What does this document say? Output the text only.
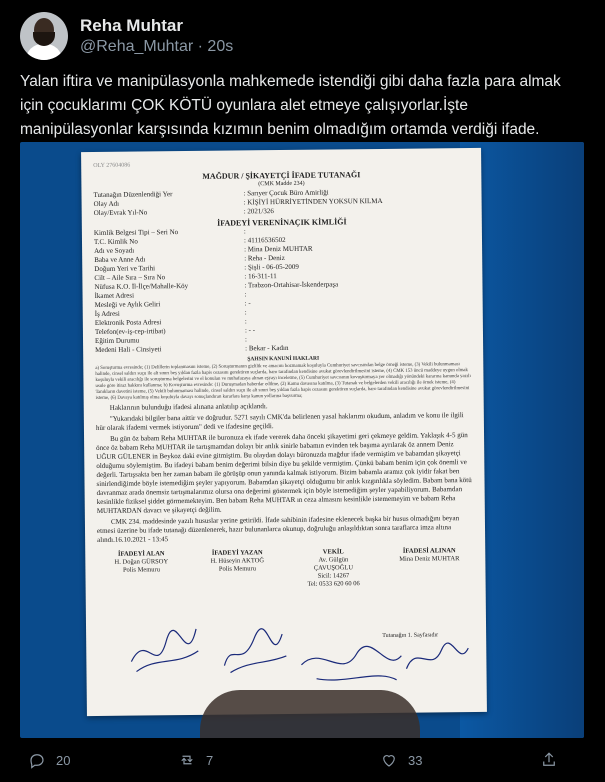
Reha Muhtar
@Reha_Muhtar · 20s
Yalan iftira ve manipülasyonla mahkemede istendiği gibi daha fazla para almak için çocuklarımı ÇOK KÖTÜ oyunlara alet etmeye çalışıyorlar.İşte manipülasyonlar karşısında kızımın benim olmadığım ortamda verdiği ifade.
OLY 27604086
MAĞDUR / ŞİKAYETÇİ İFADE TUTANAĞI
(CMK Madde 234)
Tutanağın Düzenlendiği Yer	: Sarıyer Çocuk Büro Amirliği
Olay Adı	: KİŞİYİ HÜRRİYETİNDEN YOKSUN KILMA
Olay/Evrak Yıl-No	: 2021/326
İFADEYİ VERENİNAÇIK KİMLİĞİ
Kimlik Belgesi Tipi – Seri No	:
T.C. Kimlik No	: 41116536502
Adı ve Soyadı	: Mina Deniz MUHTAR
Baba ve Anne Adı	: Reha - Deniz
Doğum Yeri ve Tarihi	: Şişli - 06-05-2009
Cilt – Aile Sıra – Sıra No	: 16-311-11
Nüfusa K.O. İl-İlçe/Mahalle-Köy	: Trabzon-Ortahisar-İskenderpaşa
İkamet Adresi	:
Mesleği ve Aylık Geliri	: -
İş Adresi	:
Elektronik Posta Adresi	:
Telefon(ev-iş-cep-irtibat)	: - -
Eğitim Durumu	:
Medeni Hali - Cinsiyeti	: Bekar - Kadın
ŞAHSIN KANUNİ HAKLARI
a) Soruşturma evresinde; (1) Delillerin toplanmasını isteme, (2) Soruşturmanın gizlilik ve amacını bozmamak koşuluyla Cumhuriyet savcısından belge örneği isteme, (3) Vekili bulunmaması halinde, cinsel saldırı suçu ile alt sınırı beş yıldan fazla hapis cezasını gerektiren suçlarda, baro tarafından kendisine avukat görevlendirilmesini isteme, (4) CMK 153 üncü maddeye uygun olmak koşuluyla vekili aracılığı ile soruşturma belgelerini ve el konulan ve muhafazaya alınan eşyayı inceletme, (5) Cumhuriyet savcısının kovuşturmaya yer olmadığı yönündeki kararına kanunda yazılı usule göre itiraz hakkını kullanma; b) Kovuşturma evresinde: (1) Duruşmadan haberdar edilme, (2) Kamu davasına katılma, (3) Tutanak ve belgelerden vekili aracılığı ile örnek isteme, (4) Tanıkların davetini isteme, (5) Vekili bulunmaması halinde, cinsel saldırı suçu ile alt sınırı beş yıldan fazla hapis cezasını gerektiren suçlarda, baro tarafından kendisine avukat görevlendirilmesini isteme, (6) Davaya katılmış olma koşuluyla davayı sonuçlandıran kararlara karşı kanun yollarına başvurma;
Haklarının bulunduğu ifadesi alınana anlatılıp açıklandı.
"Yukarıdaki bilgiler bana aittir ve doğrudur. 5271 sayılı CMK'da belirlenen yasal haklarımı okudum, anladım ve konu ile ilgili hür olarak ifademi vermek istiyorum" dedi ve ifadesine geçildi.
Bu gün öz babam Reha MUHTAR ile buronuza ek ifade vererek daha önceki şikayetimi geri çekmeye geldim. Yaklaşık 4-5 gün önce öz babam Reha MUHTAR ile tartışmamdan dolayı bir anlık sinirle babamın evinden tek başıma ayrılarak öz annem Deniz UĞUR GÜLENER in Beykoz daki evine gitmiştim. Bu olaydan dolayı büronuzda mağdur ifade vermiştim ve babamdan şikayetçi olduğumu söylemiştim. Bu ifadeyi babam benim değerimi bilsin diye bu şekilde vermiştim. Çünkü babam benim için çok önemli ve değerli. Tartışsakta ben her zaman babam ile görüşüp onun yanında kalmak istiyorum. Bizim babamla aramız çok iyidir fakat ben sinirlendiğimde böyle istemediğim şeyler yapıyorum. Babamdan şikayetçi olduğumu bir anlık kızgınlıkla söyledim. Babam bana kötü davranmaz arada önemsiz tartışmalarımız olursa ona değerimi göstermek için böyle istemediğim şeyler yapabiliyorum. Babamdan kesinlikle fiziksel şiddet görmemekteyim. Ben babam Reha MUHTAR ın ceza almasını kesinlikle istememeyim ve babam Reha MUHTARDAN davacı ve şikayetçi değilim.
CMK 234. maddesinde yazılı hususlar yerine getirildi. İfade sahibinin ifadesine eklenecek başka bir husus olmadığını beyan etmesi üzerine bu ifade tutanağı düzenlenerek, hazır bulunanlarca okunup, doğruluğu anlaşıldıktan sonra taraflarca imza altına alındı.16.10.2021 - 13:45
İFADEYİ ALAN
H. Doğan GÜRSOY
Polis Memuru
İFADEYİ YAZAN
H. Hüseyin AKTOĞ
Polis Memuru
VEKİL
Av. Gülgün
ÇAVUŞOĞLU
Sicil: 14267
Tel: 0533 620 60 06
İFADESİ ALINAN
Mina Deniz MUHTAR
Tutanağın 1. Sayfasıdır
20	7	33
